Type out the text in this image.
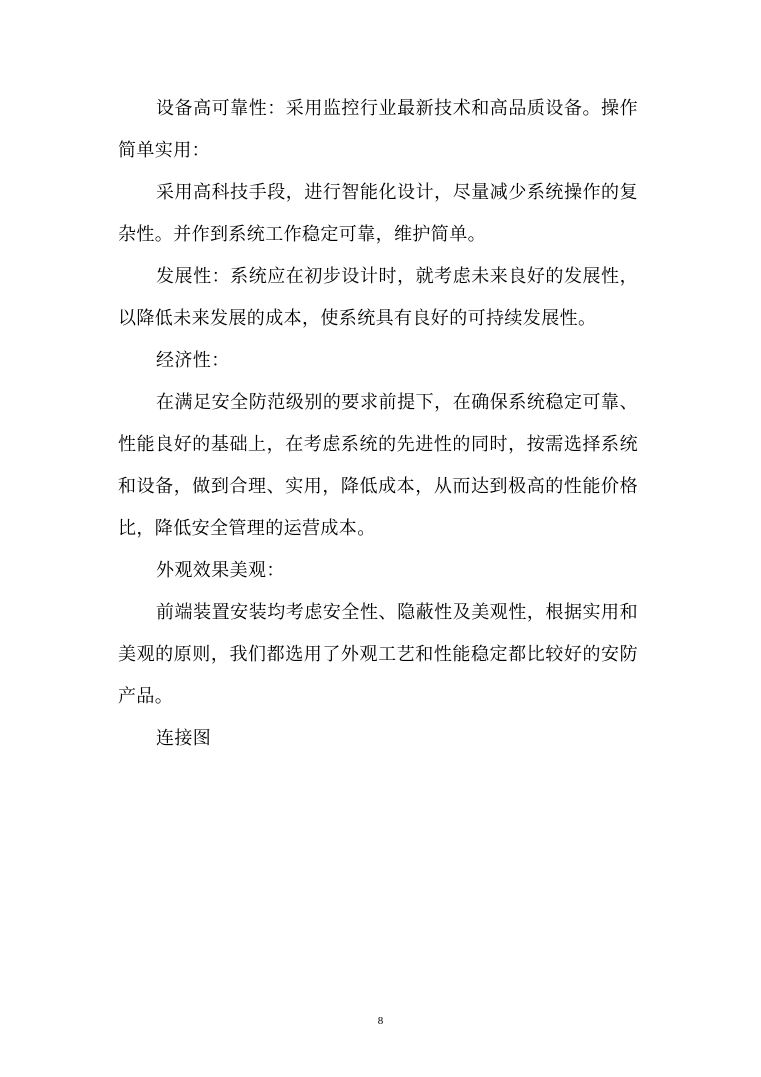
设备高可靠性：采用监控行业最新技术和高品质设备。操作简单实用：

采用高科技手段，进行智能化设计，尽量减少系统操作的复杂性。并作到系统工作稳定可靠，维护简单。

发展性：系统应在初步设计时，就考虑未来良好的发展性，以降低未来发展的成本，使系统具有良好的可持续发展性。

经济性：

在满足安全防范级别的要求前提下，在确保系统稳定可靠、性能良好的基础上，在考虑系统的先进性的同时，按需选择系统和设备，做到合理、实用，降低成本，从而达到极高的性能价格比，降低安全管理的运营成本。

外观效果美观：

前端装置安装均考虑安全性、隐蔽性及美观性，根据实用和美观的原则，我们都选用了外观工艺和性能稳定都比较好的安防产品。

连接图

8
